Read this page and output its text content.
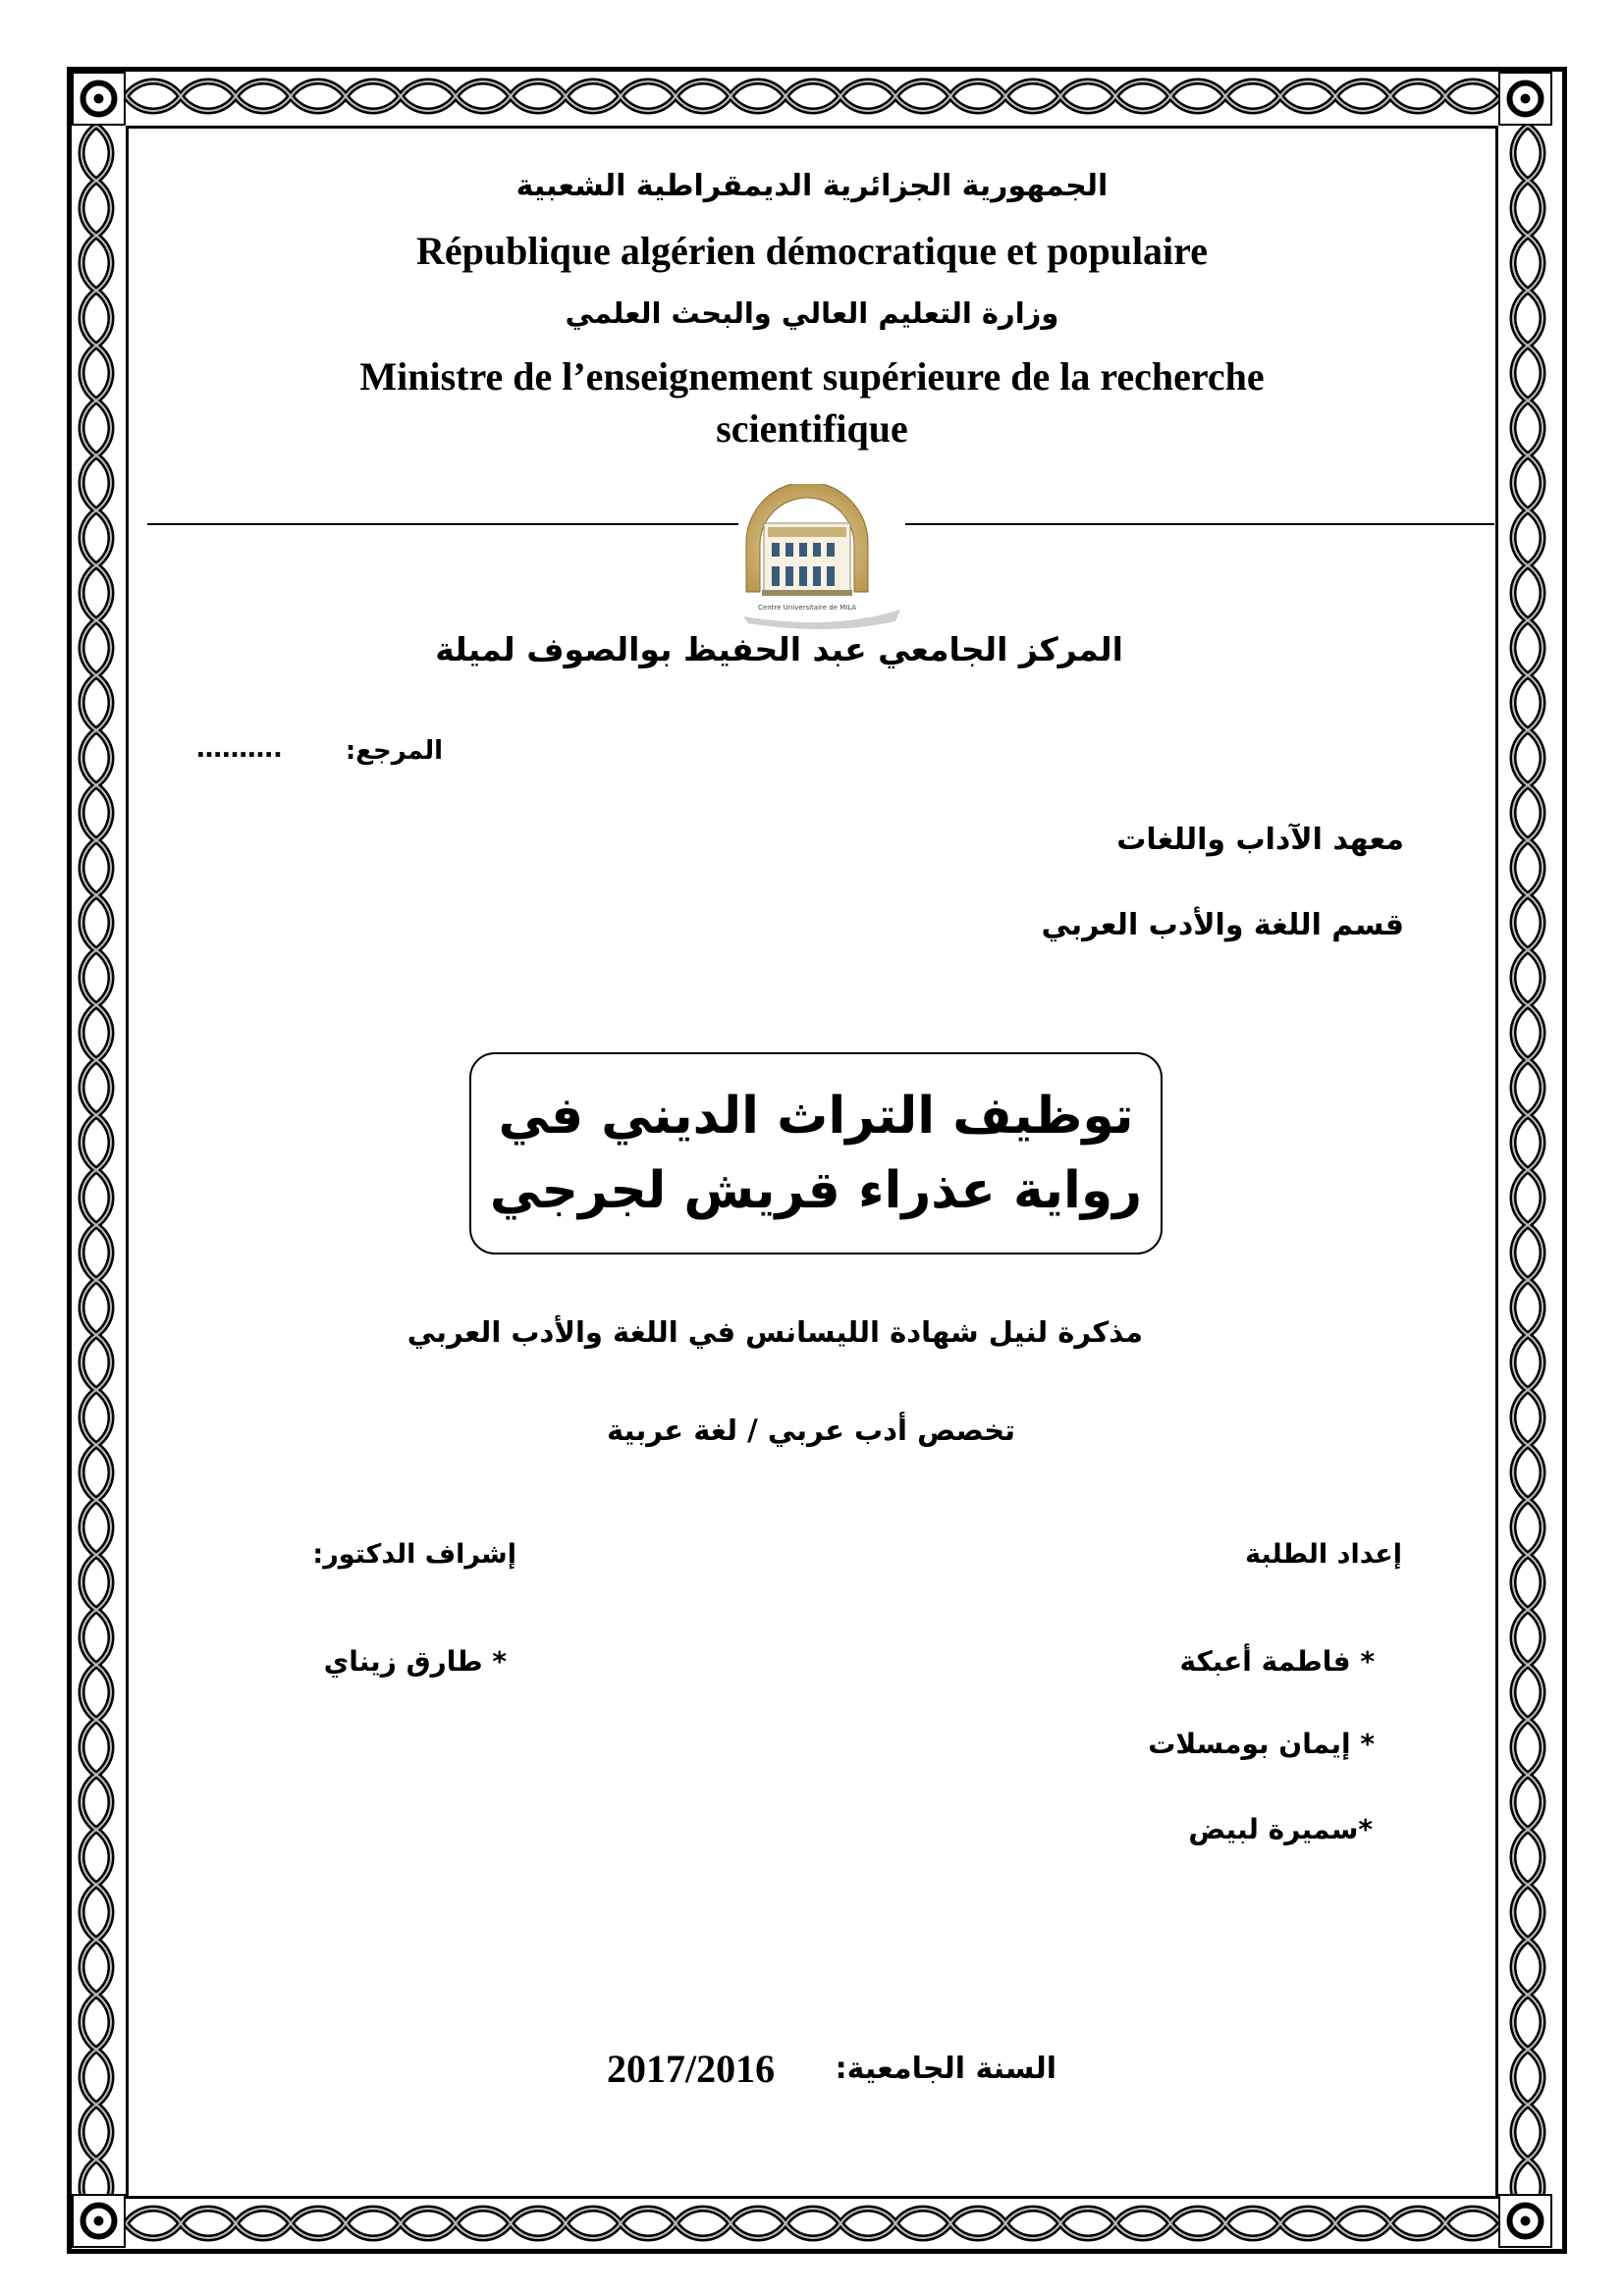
الجمهورية الجزائرية الديمقراطية الشعبية
République algérien démocratique et populaire
وزارة التعليم العالي والبحث العلمي
Ministre de l’enseignement supérieure de la recherche
scientifique
Centre Universitaire de MILA
المركز الجامعي عبد الحفيظ بوالصوف لميلة
المرجع:
……….
معهد الآداب واللغات
قسم اللغة والأدب العربي
توظيف التراث الديني في
رواية عذراء قريش لجرجي
مذكرة لنيل شهادة الليسانس في اللغة والأدب العربي
تخصص أدب عربي / لغة عربية
إعداد الطلبة
إشراف الدكتور:
* فاطمة أعبكة
* إيمان بومسلات
*سميرة لبيض
* طارق زيناي
السنة الجامعية:
2017/2016
